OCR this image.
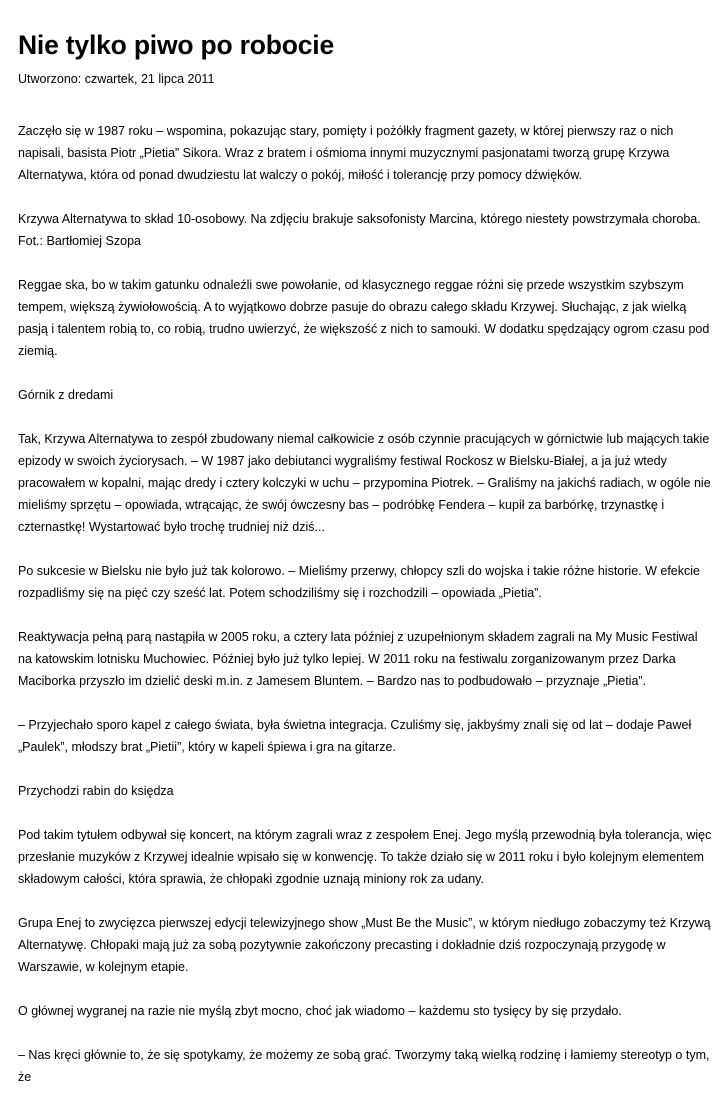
Nie tylko piwo po robocie
Utworzono: czwartek, 21 lipca 2011

Zaczęło się w 1987 roku – wspomina, pokazując stary, pomięty i pożółkły fragment gazety, w której pierwszy raz o nich napisali, basista Piotr „Pietia” Sikora. Wraz z bratem i ośmioma innymi muzycznymi pasjonatami tworzą grupę Krzywa Alternatywa, która od ponad dwudziestu lat walczy o pokój, miłość i tolerancję przy pomocy dźwięków.

Krzywa Alternatywa to skład 10-osobowy. Na zdjęciu brakuje saksofonisty Marcina, którego niestety powstrzymała choroba. Fot.: Bartłomiej Szopa

Reggae ska, bo w takim gatunku odnaleźli swe powołanie, od klasycznego reggae różni się przede wszystkim szybszym tempem, większą żywiołowością. A to wyjątkowo dobrze pasuje do obrazu całego składu Krzywej. Słuchając, z jak wielką pasją i talentem robią to, co robią, trudno uwierzyć, że większość z nich to samouki. W dodatku spędzający ogrom czasu pod ziemią.

Górnik z dredami

Tak, Krzywa Alternatywa to zespół zbudowany niemal całkowicie z osób czynnie pracujących w górnictwie lub mających takie epizody w swoich życiorysach. – W 1987 jako debiutanci wygraliśmy festiwal Rockosz w Bielsku-Białej, a ja już wtedy pracowałem w kopalni, mając dredy i cztery kolczyki w uchu – przypomina Piotrek. – Graliśmy na jakichś radiach, w ogóle nie mieliśmy sprzętu – opowiada, wtrącając, że swój ówczesny bas – podróbkę Fendera – kupił za barbórkę, trzynastkę i czternastkę! Wystartować było trochę trudniej niż dziś...

Po sukcesie w Bielsku nie było już tak kolorowo. – Mieliśmy przerwy, chłopcy szli do wojska i takie różne historie. W efekcie rozpadliśmy się na pięć czy sześć lat. Potem schodziliśmy się i rozchodzili – opowiada „Pietia”.

Reaktywacja pełną parą nastąpiła w 2005 roku, a cztery lata później z uzupełnionym składem zagrali na My Music Festiwal na katowskim lotnisku Muchowiec. Później było już tylko lepiej. W 2011 roku na festiwalu zorganizowanym przez Darka Maciborka przyszło im dzielić deski m.in. z Jamesem Bluntem. – Bardzo nas to podbudowało – przyznaje „Pietia”.

– Przyjechało sporo kapel z całego świata, była świetna integracja. Czuliśmy się, jakbyśmy znali się od lat – dodaje Paweł „Paulek”, młodszy brat „Pietii”, który w kapeli śpiewa i gra na gitarze.

Przychodzi rabin do księdza

Pod takim tytułem odbywał się koncert, na którym zagrali wraz z zespołem Enej. Jego myślą przewodnią była tolerancja, więc przesłanie muzyków z Krzywej idealnie wpisało się w konwencję. To także działo się w 2011 roku i było kolejnym elementem składowym całości, która sprawia, że chłopaki zgodnie uznają miniony rok za udany.

Grupa Enej to zwycięzca pierwszej edycji telewizyjnego show „Must Be the Music”, w którym niedługo zobaczymy też Krzywą Alternatywę. Chłopaki mają już za sobą pozytywnie zakończony precasting i dokładnie dziś rozpoczynają przygodę w Warszawie, w kolejnym etapie.

O głównej wygranej na razie nie myślą zbyt mocno, choć jak wiadomo – każdemu sto tysięcy by się przydało.

– Nas kręci głównie to, że się spotykamy, że możemy ze sobą grać. Tworzymy taką wielką rodzinę i łamiemy stereotyp o tym, że
